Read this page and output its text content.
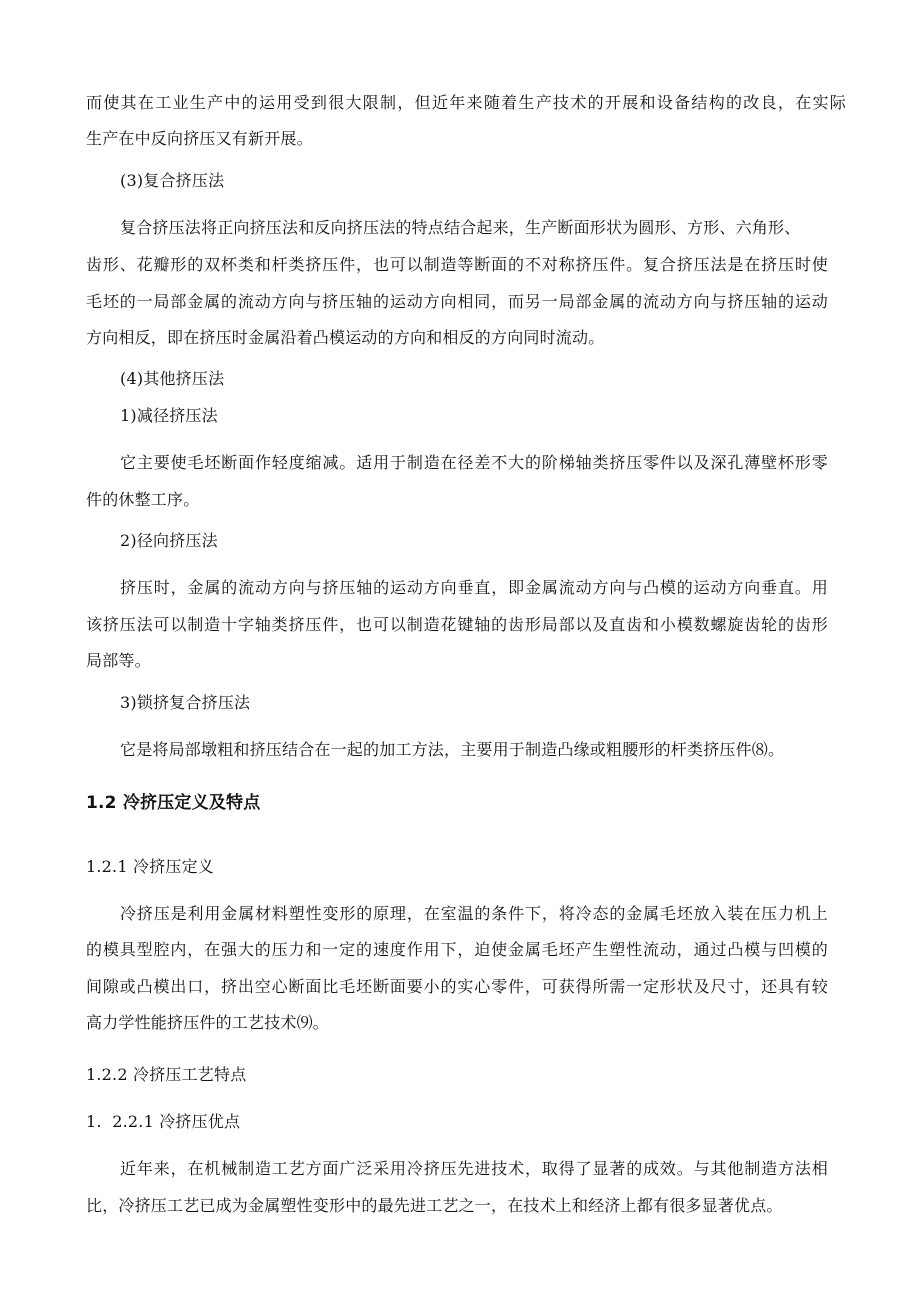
而使其在工业生产中的运用受到很大限制，但近年来随着生产技术的开展和设备结构的改良，在实际
生产在中反向挤压又有新开展。
(3)复合挤压法
复合挤压法将正向挤压法和反向挤压法的特点结合起来，生产断面形状为圆形、方形、六角形、
齿形、花瓣形的双杯类和杆类挤压件，也可以制造等断面的不对称挤压件。复合挤压法是在挤压时使
毛坯的一局部金属的流动方向与挤压轴的运动方向相同，而另一局部金属的流动方向与挤压轴的运动
方向相反，即在挤压时金属沿着凸模运动的方向和相反的方向同时流动。
(4)其他挤压法
1)减径挤压法
它主要使毛坯断面作轻度缩减。适用于制造在径差不大的阶梯轴类挤压零件以及深孔薄壁杯形零
件的休整工序。
2)径向挤压法
挤压时，金属的流动方向与挤压轴的运动方向垂直，即金属流动方向与凸模的运动方向垂直。用
该挤压法可以制造十字轴类挤压件，也可以制造花键轴的齿形局部以及直齿和小模数螺旋齿轮的齿形
局部等。
3)锁挤复合挤压法
它是将局部墩粗和挤压结合在一起的加工方法，主要用于制造凸缘或粗腰形的杆类挤压件⑻。
1.2 冷挤压定义及特点
1.2.1 冷挤压定义
冷挤压是利用金属材料塑性变形的原理，在室温的条件下，将冷态的金属毛坯放入装在压力机上
的模具型腔内，在强大的压力和一定的速度作用下，迫使金属毛坯产生塑性流动，通过凸模与凹模的
间隙或凸模出口，挤出空心断面比毛坯断面要小的实心零件，可获得所需一定形状及尺寸，还具有较
高力学性能挤压件的工艺技术⑼。
1.2.2 冷挤压工艺特点
1.  2.2.1 冷挤压优点
近年来，在机械制造工艺方面广泛采用冷挤压先进技术，取得了显著的成效。与其他制造方法相
比，冷挤压工艺已成为金属塑性变形中的最先进工艺之一，在技术上和经济上都有很多显著优点。
